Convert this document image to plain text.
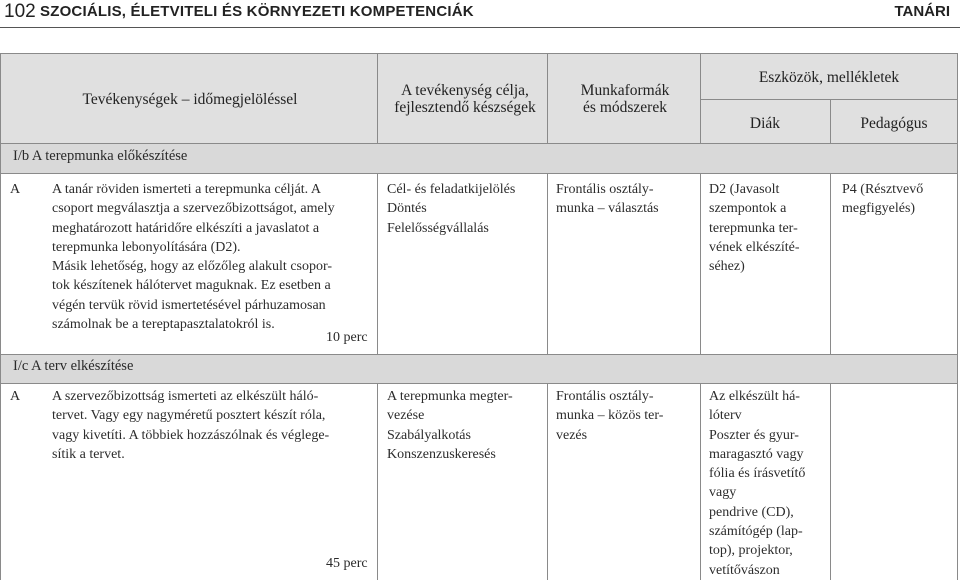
102 SZOCIÁLIS, ÉLETVITELI ÉS KÖRNYEZETI KOMPETENCIÁK	TANÁRI
Tevékenységek – időmegjelöléssel
A tevékenység célja,
fejlesztendő készségek
Munkaformák
és módszerek
Eszközök, mellékletek
Diák	Pedagógus
I/b A terepmunka előkészítése
A A tanár röviden ismerteti a terepmunka célját. A
csoport megválasztja a szervezőbizottságot, amely
meghatározott határidőre elkészíti a javaslatot a
terepmunka lebonyolítására (D2).
Másik lehetőség, hogy az előzőleg alakult csopor-
tok készítenek hálótervet maguknak. Ez esetben a
végén tervük rövid ismertetésével párhuzamosan
számolnak be a tereptapasztalatokról is.
10 perc
Cél- és feladatkijelölés
Döntés
Felelősségvállalás
Frontális osztály-
munka – választás
D2 (Javasolt
szempontok a
terepmunka ter-
vének elkészíté-
séhez)
P4 (Résztvevő
megfigyelés)
I/c A terv elkészítése
A A szervezőbizottság ismerteti az elkészült háló-
tervet. Vagy egy nagyméretű posztert készít róla,
vagy kivetíti. A többiek hozzászólnak és véglege-
sítik a tervet.
45 perc
A terepmunka megter-
vezése
Szabályalkotás
Konszenzuskeresés
Frontális osztály-
munka – közös ter-
vezés
Az elkészült há-
lóterv
Poszter és gyur-
maragasztó vagy
fólia és írásvetítő
vagy
pendrive (CD),
számítógép (lap-
top), projektor,
vetítővászon
